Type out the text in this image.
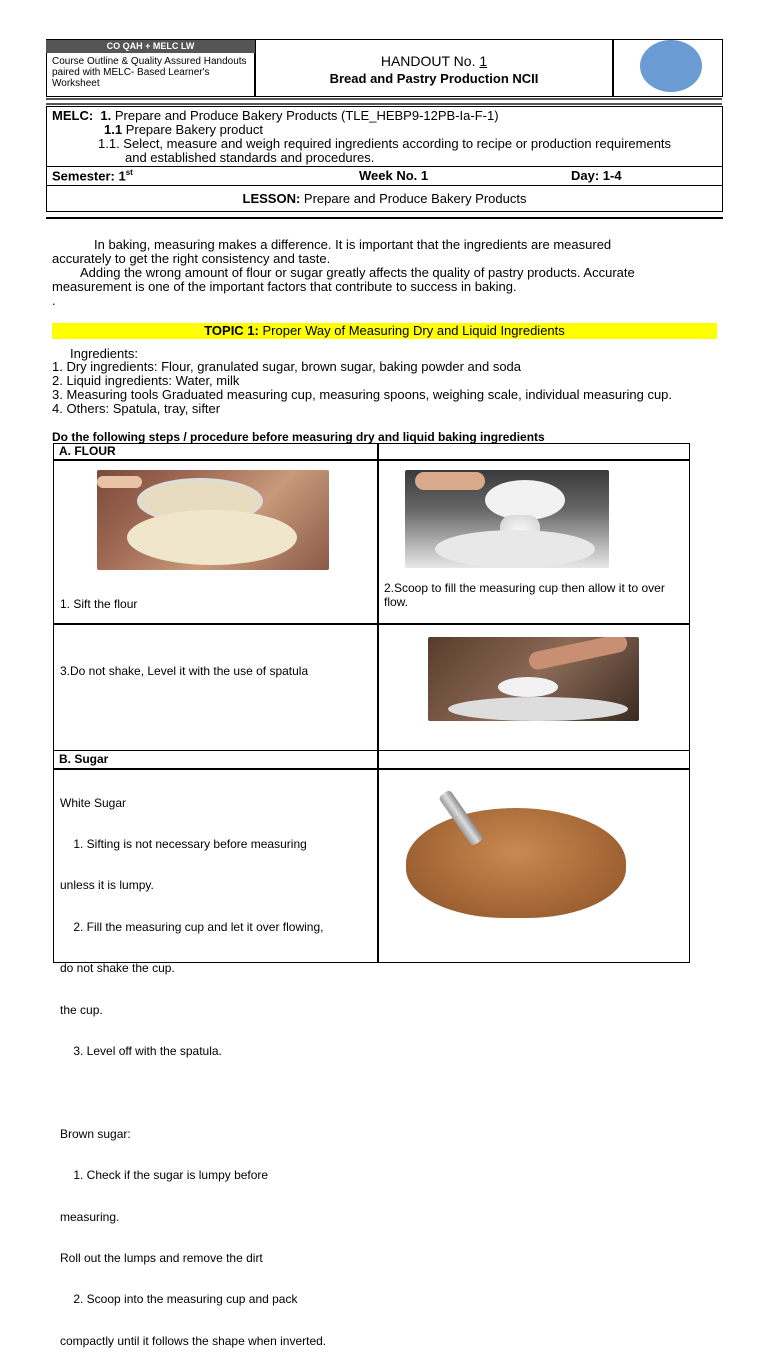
CO QAH + MELC LW
Course Outline & Quality Assured Handouts paired with MELC- Based Learner's Worksheet
HANDOUT No. 1
Bread and Pastry Production NCII
MELC: 1. Prepare and Produce Bakery Products (TLE_HEBP9-12PB-Ia-F-1)
1.1 Prepare Bakery product
1.1. Select, measure and weigh required ingredients according to recipe or production requirements
and established standards and procedures.
Semester: 1st	Week No. 1	Day: 1-4
LESSON: Prepare and Produce Bakery Products
In baking, measuring makes a difference. It is important that the ingredients are measured
accurately to get the right consistency and taste.
Adding the wrong amount of flour or sugar greatly affects the quality of pastry products. Accurate
measurement is one of the important factors that contribute to success in baking.
.
TOPIC 1: Proper Way of Measuring Dry and Liquid Ingredients
Ingredients:
1. Dry ingredients: Flour, granulated sugar, brown sugar, baking powder and soda
2. Liquid ingredients: Water, milk
3. Measuring tools Graduated measuring cup, measuring spoons, weighing scale, individual measuring cup.
4. Others: Spatula, tray, sifter
Do the following steps / procedure before measuring dry and liquid baking ingredients
A. FLOUR
1. Sift the flour
2.Scoop to fill the measuring cup then allow it to over flow.
3.Do not shake, Level it with the use of spatula
B. Sugar

White Sugar

1. Sifting is not necessary before measuring

unless it is lumpy.

2. Fill the measuring cup and let it over flowing,

do not shake the cup.

the cup.

3. Level off with the spatula.

Brown sugar:

1. Check if the sugar is lumpy before

measuring.

Roll out the lumps and remove the dirt

2. Scoop into the measuring cup and pack

compactly until it follows the shape when inverted.
